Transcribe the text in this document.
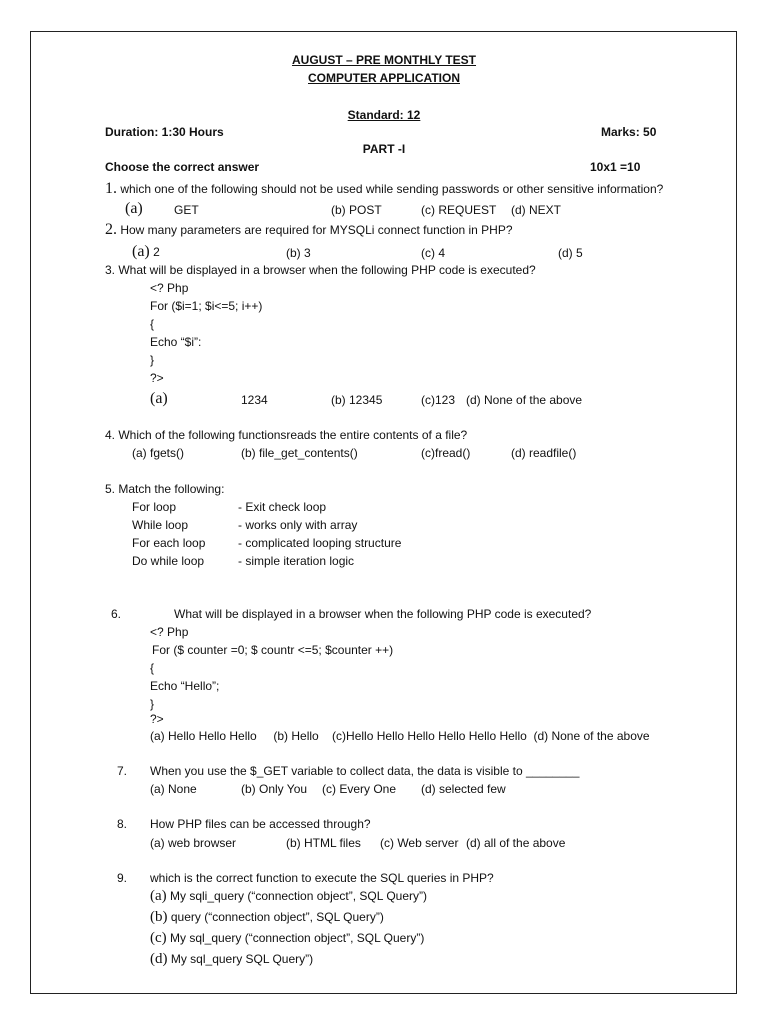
AUGUST – PRE MONTHLY TEST
COMPUTER APPLICATION
Standard: 12
Duration: 1:30 Hours	Marks: 50
PART -I
Choose the correct answer	10x1 =10
1. which one of the following should not be used while sending passwords or other sensitive information?
(a)	GET	(b) POST	(c) REQUEST (d) NEXT
2. How many parameters are required for MYSQLi connect function in PHP?
(a) 2	(b) 3	(c) 4	(d) 5
3. What will be displayed in a browser when the following PHP code is executed?
<? Php
For ($i=1; $i<=5; i++)
{
Echo “$i”:
}
?>
(a)	1234	(b) 12345	(c)123 (d) None of the above
4. Which of the following functionsreads the entire contents of a file?
(a) fgets()	(b) file_get_contents()	(c)fread()	(d) readfile()
5. Match the following:
For loop	- Exit check loop
While loop	- works only with array
For each loop	- complicated looping structure
Do while loop	- simple iteration logic
6.	What will be displayed in a browser when the following PHP code is executed?
<? Php
For ($ counter =0; $ countr <=5; $counter ++)
{
Echo “Hello”;
}
?>
(a) Hello Hello Hello     (b) Hello    (c)Hello Hello Hello Hello Hello Hello  (d) None of the above
7. When you use the $_GET variable to collect data, the data is visible to ________
(a) None	(b) Only You (c) Every One (d) selected few
8. How PHP files can be accessed through?
(a) web browser	(b) HTML files (c) Web server (d) all of the above
9. which is the correct function to execute the SQL queries in PHP?
(a) My sqli_query (“connection object”, SQL Query”)
(b) query (“connection object”, SQL Query”)
(c) My sql_query (“connection object”, SQL Query”)
(d) My sql_query SQL Query”)
